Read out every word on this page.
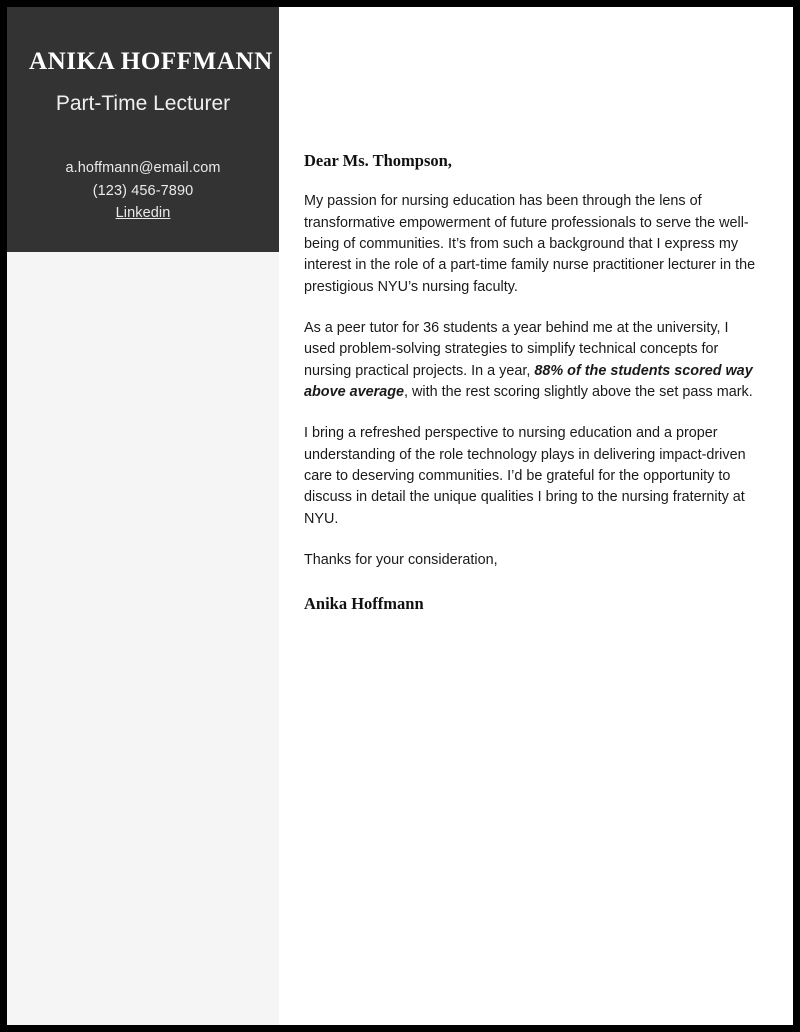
ANIKA HOFFMANN

Part-Time Lecturer

a.hoffmann@email.com
(123) 456-7890
Linkedin

Dear Ms. Thompson,

My passion for nursing education has been through the lens of transformative empowerment of future professionals to serve the well-being of communities. It’s from such a background that I express my interest in the role of a part-time family nurse practitioner lecturer in the prestigious NYU’s nursing faculty.

As a peer tutor for 36 students a year behind me at the university, I used problem-solving strategies to simplify technical concepts for nursing practical projects. In a year, 88% of the students scored way above average, with the rest scoring slightly above the set pass mark.

I bring a refreshed perspective to nursing education and a proper understanding of the role technology plays in delivering impact-driven care to deserving communities. I’d be grateful for the opportunity to discuss in detail the unique qualities I bring to the nursing fraternity at NYU.

Thanks for your consideration,

Anika Hoffmann
